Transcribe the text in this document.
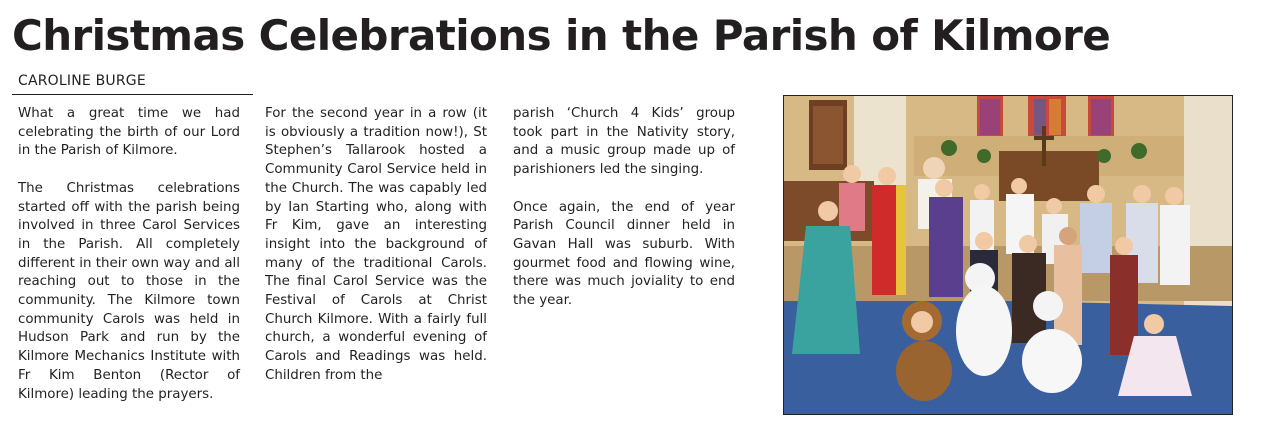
Christmas Celebrations in the Parish of Kilmore
CAROLINE BURGE

What a great time we had celebrating the birth of our Lord in the Parish of Kilmore.

The Christmas celebrations started off with the parish being involved in three Carol Services in the Parish. All completely different in their own way and all reaching out to those in the community. The Kilmore town community Carols was held in Hudson Park and run by the Kilmore Mechanics Institute with Fr Kim Benton (Rector of Kilmore) leading the prayers.

For the second year in a row (it is obviously a tradition now!), St Stephen’s Tallarook hosted a Community Carol Service held in the Church. The was capably led by Ian Starting who, along with Fr Kim, gave an interesting insight into the background of many of the traditional Carols. The final Carol Service was the Festival of Carols at Christ Church Kilmore. With a fairly full church, a wonderful evening of Carols and Readings was held. Children from the

parish ‘Church 4 Kids’ group took part in the Nativity story, and a music group made up of parishioners led the singing.

Once again, the end of year Parish Council dinner held in Gavan Hall was suburb. With gourmet food and flowing wine, there was much joviality to end the year.
